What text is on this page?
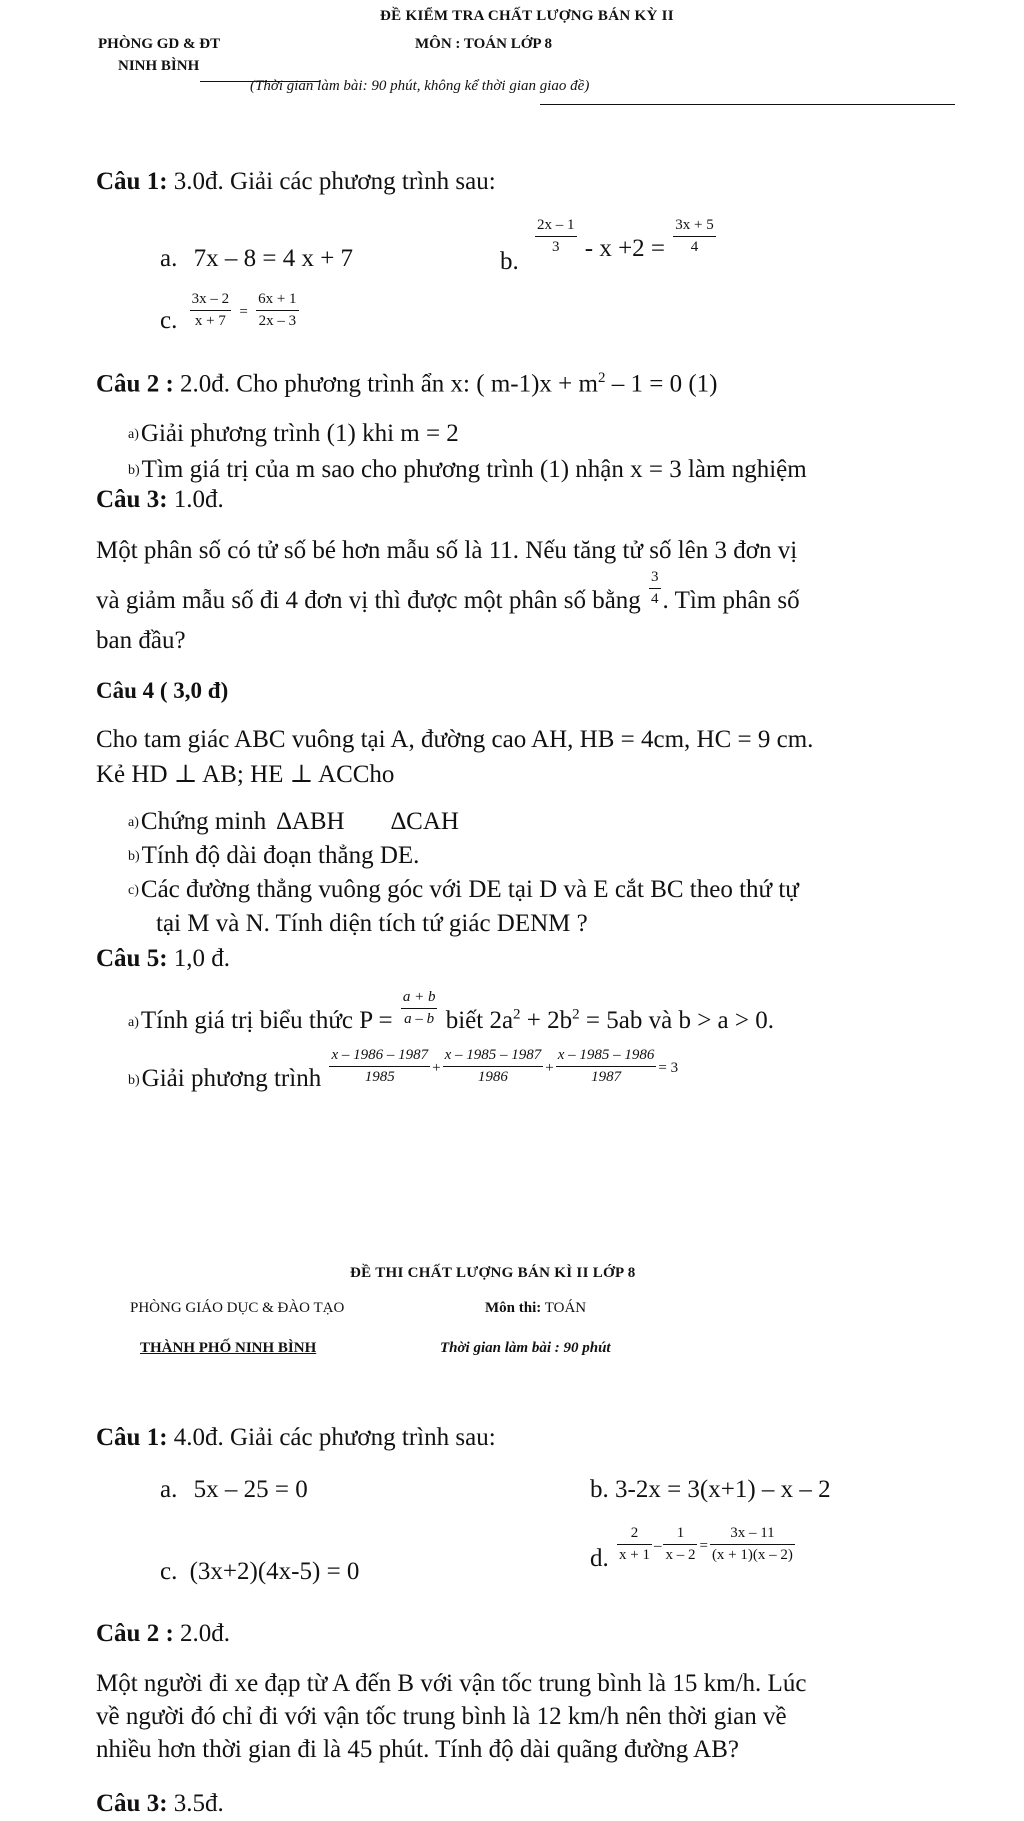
ĐỀ KIỂM TRA CHẤT LƯỢNG BÁN KỲ II
PHÒNG GD & ĐT	MÔN : TOÁN LỚP 8
NINH BÌNH
(Thời gian làm bài: 90 phút, không kể thời gian giao đề)
Câu 1: 3.0đ. Giải các phương trình sau:
a. 7x – 8 = 4 x + 7	b.
$\frac{2x - 1}{3} - x +2 = \frac{3x + 5}{4}$
c. $\frac{3x - 2}{x + 7} = \frac{6x + 1}{2x - 3}$
Câu 2 : 2.0đ. Cho phương trình ẩn x: ( $m-1)x + m^2 - 1 = 0$ (1)
a)Giải phương trình (1) khi m = 2
b)Tìm giá trị của m sao cho phương trình (1) nhận x = 3 làm nghiệm
Câu 3: 1.0đ.
Một phân số có tử số bé hơn mẫu số là 11. Nếu tăng tử số lên 3 đơn vị
và giảm mẫu số đi 4 đơn vị thì được một phân số bằng $\frac{3}{4}$ . Tìm phân số
ban đầu?
Câu 4 ( 3,0 đ)
Cho tam giác ABC vuông tại A, đường cao AH, HB = 4cm, HC = 9 cm.
Kẻ HD ⊥ AB; HE ⊥ ACCho
a)Chứng minh ∆ABH ∆CAH
b)Tính độ dài đoạn thẳng DE.
c)Các đường thẳng vuông góc với DE tại D và E cắt BC theo thứ tự
tại M và N. Tính diện tích tứ giác DENM ?
Câu 5: 1,0 đ.
$_{a)}$Tính giá trị biểu thức $P = \frac{a + b}{a - b}$ biết $2a^2 + 2b^2 = 5ab$ và b > a > 0.
$_{b)}$Giải phương trình $\frac{x - 1986 - 1987}{1985} + \frac{x - 1985 - 1987}{1986} + \frac{x - 1985 - 1986}{1987} = 3$
ĐỀ THI CHẤT LƯỢNG BÁN KÌ II LỚP 8
PHÒNG GIÁO DỤC & ĐÀO TẠO	Môn thi: TOÁN
THÀNH PHỐ NINH BÌNH	Thời gian làm bài : 90 phút
Câu 1: 4.0đ. Giải các phương trình sau:
a. 5x – 25 = 0	b. 3-2x = 3(x+1) – x – 2
c. (3x+2)(4x-5) = 0	d. $\frac{2}{x + 1} - \frac{1}{x - 2} = \frac{3x - 11}{(x + 1)(x - 2)}$
Câu 2 : 2.0đ.
Một người đi xe đạp từ A đến B với vận tốc trung bình là 15 km/h. Lúc
về người đó chỉ đi với vận tốc trung bình là 12 km/h nên thời gian về
nhiều hơn thời gian đi là 45 phút. Tính độ dài quãng đường AB?
Câu 3: 3.5đ.
